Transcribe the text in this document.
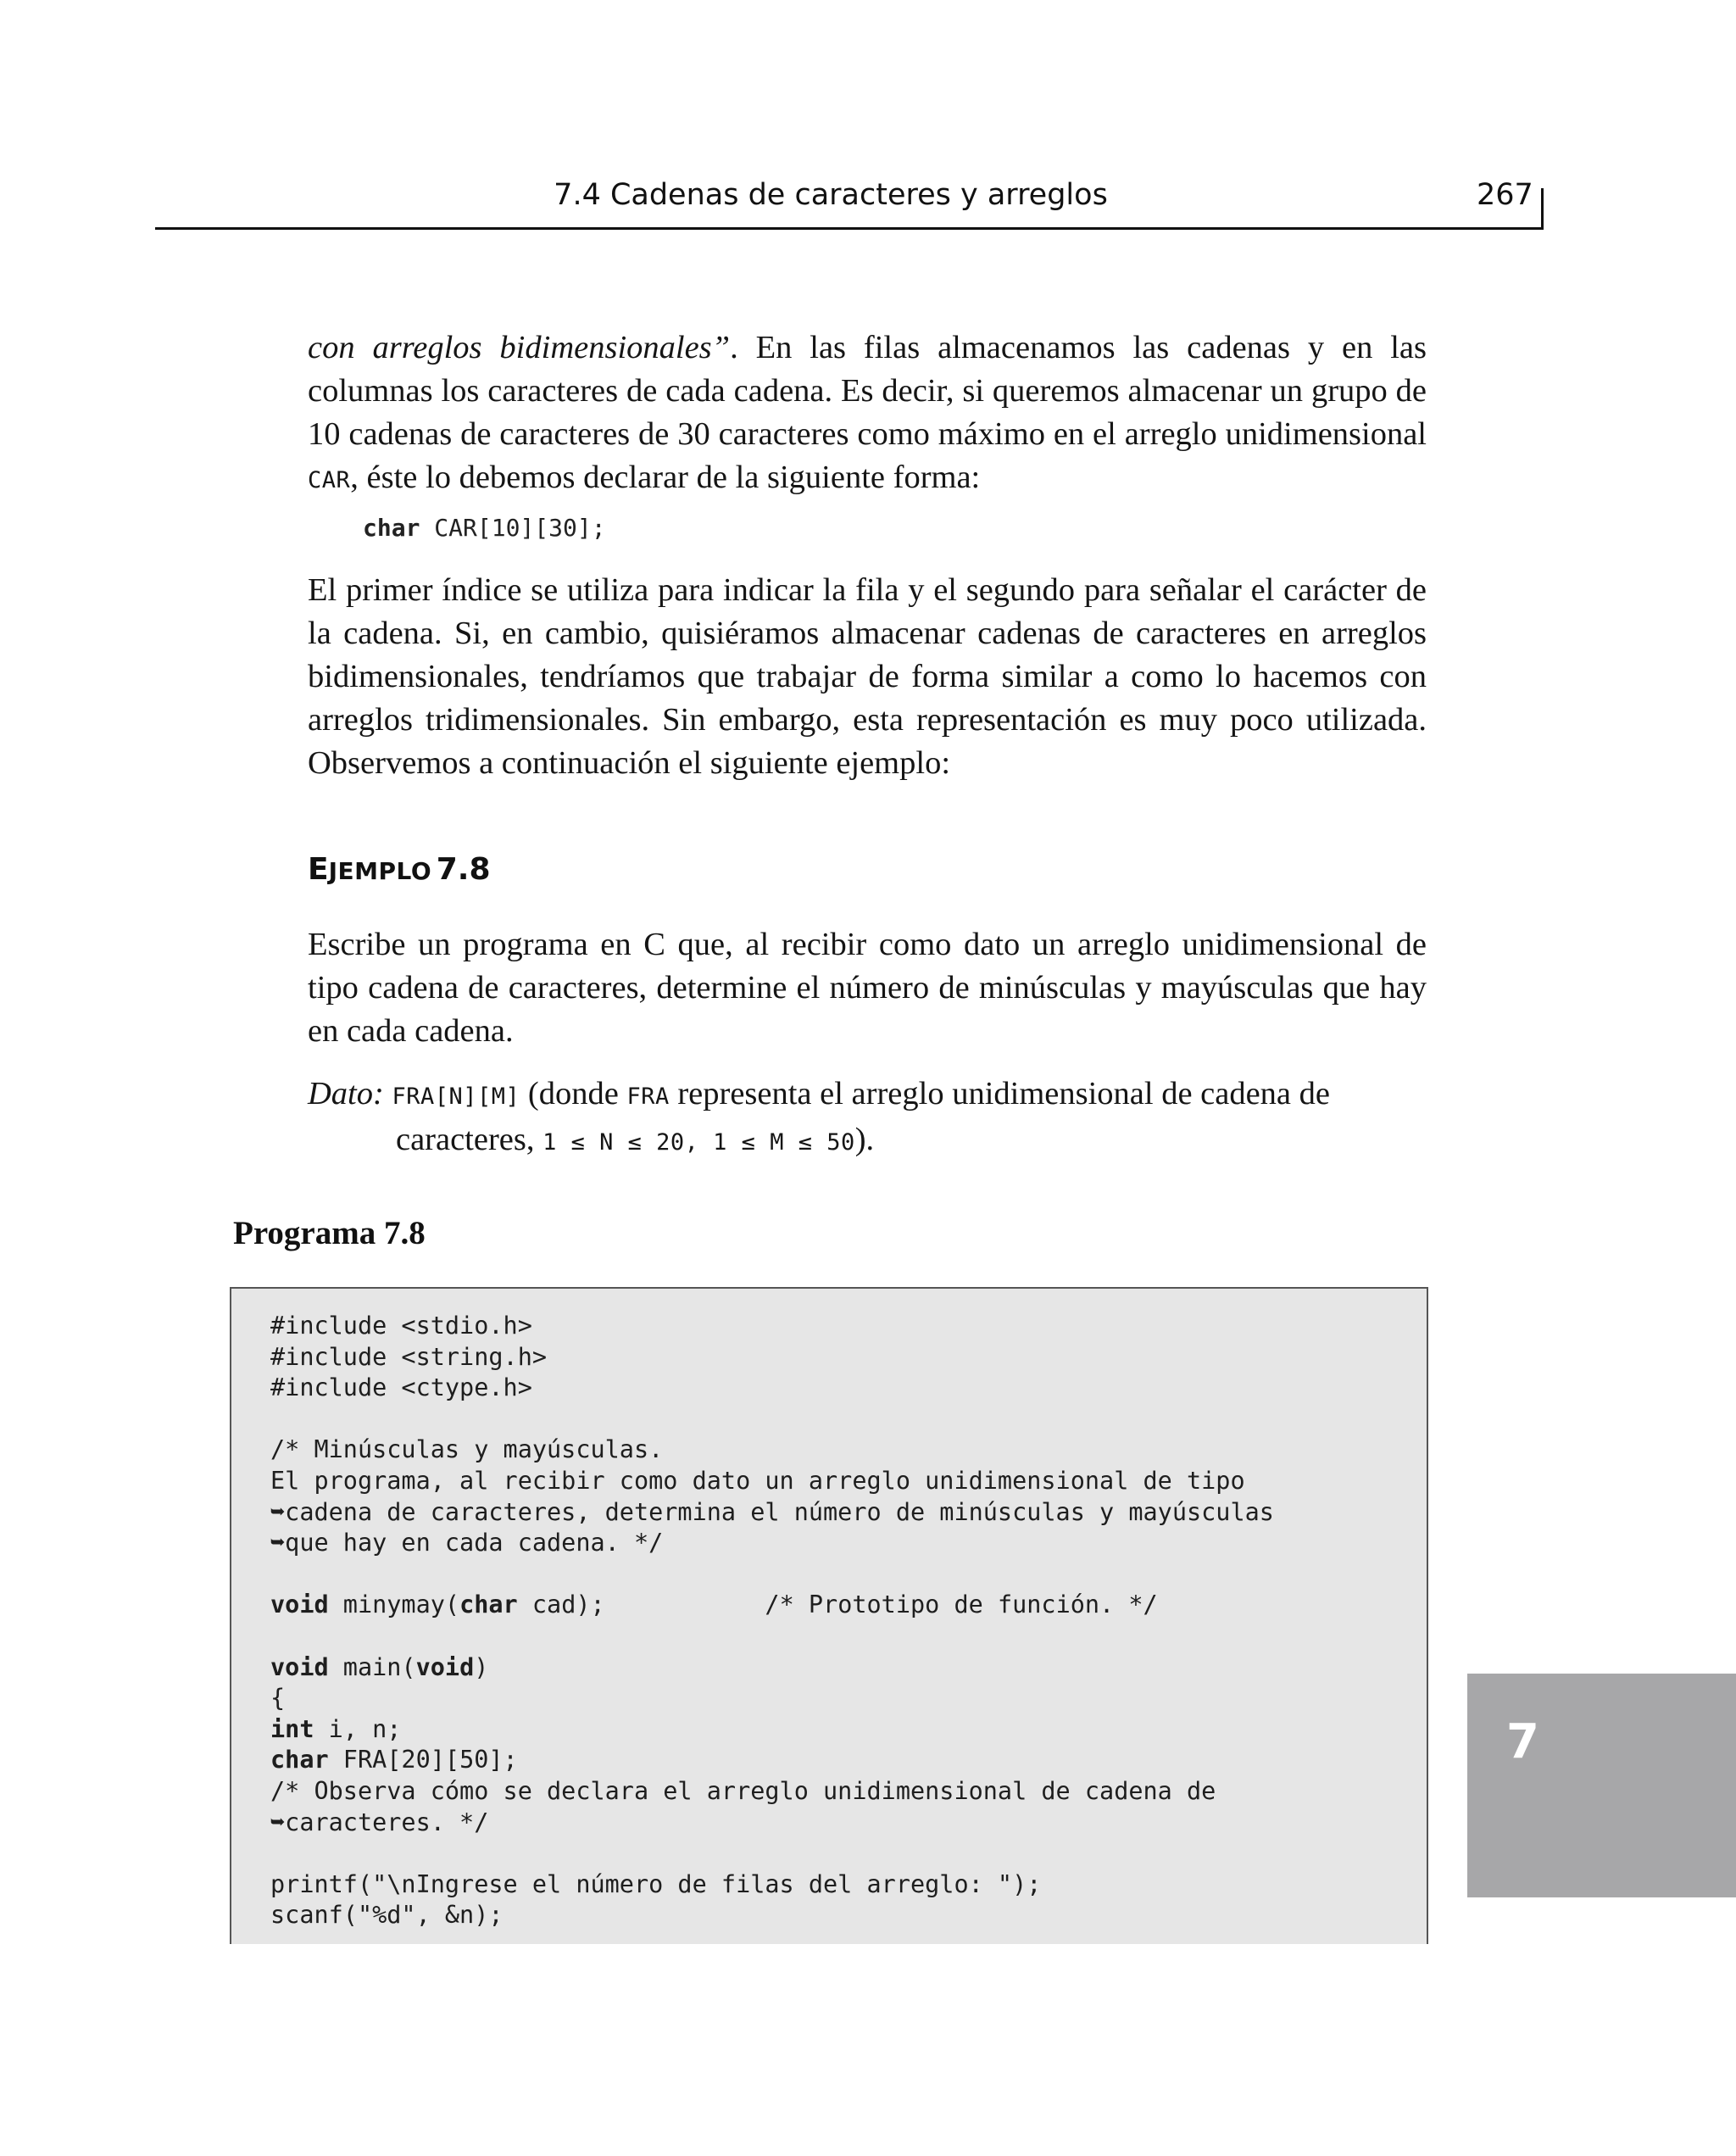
7.4 Cadenas de caracteres y arreglos	267

con arreglos bidimensionales”. En las filas almacenamos las cadenas y en las columnas los caracteres de cada cadena. Es decir, si queremos almacenar un grupo de 10 cadenas de caracteres de 30 caracteres como máximo en el arreglo unidimensional CAR, éste lo debemos declarar de la siguiente forma:

char CAR[10][30];

El primer índice se utiliza para indicar la fila y el segundo para señalar el carácter de la cadena. Si, en cambio, quisiéramos almacenar cadenas de caracteres en arreglos bidimensionales, tendríamos que trabajar de forma similar a como lo hacemos con arreglos tridimensionales. Sin embargo, esta representación es muy poco utilizada. Observemos a continuación el siguiente ejemplo:

EJEMPLO 7.8

Escribe un programa en C que, al recibir como dato un arreglo unidimensional de tipo cadena de caracteres, determine el número de minúsculas y mayúsculas que hay en cada cadena.

Dato: FRA[N][M] (donde FRA representa el arreglo unidimensional de cadena de
caracteres, 1 ≤ N ≤ 20, 1 ≤ M ≤ 50).
Programa 7.8
#include <stdio.h>
#include <string.h>
#include <ctype.h>

/* Minúsculas y mayúsculas.
El programa, al recibir como dato un arreglo unidimensional de tipo
➥cadena de caracteres, determina el número de minúsculas y mayúsculas
➥que hay en cada cadena. */

void minymay(char cad);           /* Prototipo de función. */

void main(void)
{
int i, n;
char FRA[20][50];
/* Observa cómo se declara el arreglo unidimensional de cadena de
➥caracteres. */

printf("\nIngrese el número de filas del arreglo: ");
scanf("%d", &n);
7
